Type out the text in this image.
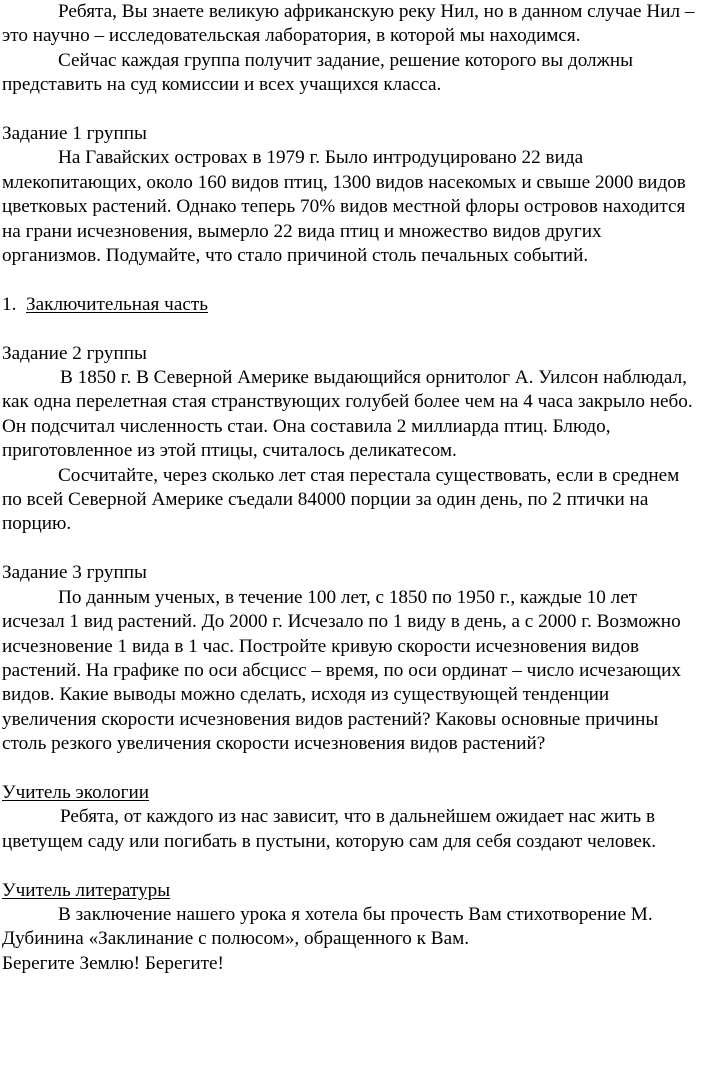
Ребята, Вы знаете великую африканскую реку Нил, но в данном случае Нил – это научно – исследовательская лаборатория, в которой мы находимся.

Сейчас каждая группа получит задание, решение которого вы должны представить на суд комиссии и всех учащихся класса.

Задание 1 группы

На Гавайских островах в 1979 г. Было интродуцировано 22 вида млекопитающих, около 160 видов птиц, 1300 видов насекомых и свыше 2000 видов цветковых растений. Однако теперь 70% видов местной флоры островов находится на грани исчезновения, вымерло 22 вида птиц и множество видов других организмов. Подумайте, что стало причиной столь печальных событий.

1. Заключительная часть

Задание 2 группы

В 1850 г. В Северной Америке выдающийся орнитолог А. Уилсон наблюдал, как одна перелетная стая странствующих голубей более чем на 4 часа закрыло небо. Он подсчитал численность стаи. Она составила 2 миллиарда птиц. Блюдо, приготовленное из этой птицы, считалось деликатесом.

Сосчитайте, через сколько лет стая перестала существовать, если в среднем по всей Северной Америке съедали 84000 порции за один день, по 2 птички на порцию.

Задание 3 группы

По данным ученых, в течение 100 лет, с 1850 по 1950 г., каждые 10 лет исчезал 1 вид растений. До 2000 г. Исчезало по 1 виду в день, а с 2000 г. Возможно исчезновение 1 вида в 1 час. Постройте кривую скорости исчезновения видов растений. На графике по оси абсцисс – время, по оси ординат – число исчезающих видов. Какие выводы можно сделать, исходя из существующей тенденции увеличения скорости исчезновения видов растений? Каковы основные причины столь резкого увеличения скорости исчезновения видов растений?

Учитель экологии

Ребята, от каждого из нас зависит, что в дальнейшем ожидает нас жить в цветущем саду или погибать в пустыни, которую сам для себя создают человек.

Учитель литературы

В заключение нашего урока я хотела бы прочесть Вам стихотворение М. Дубинина «Заклинание с полюсом», обращенного к Вам.

Берегите Землю! Берегите!
